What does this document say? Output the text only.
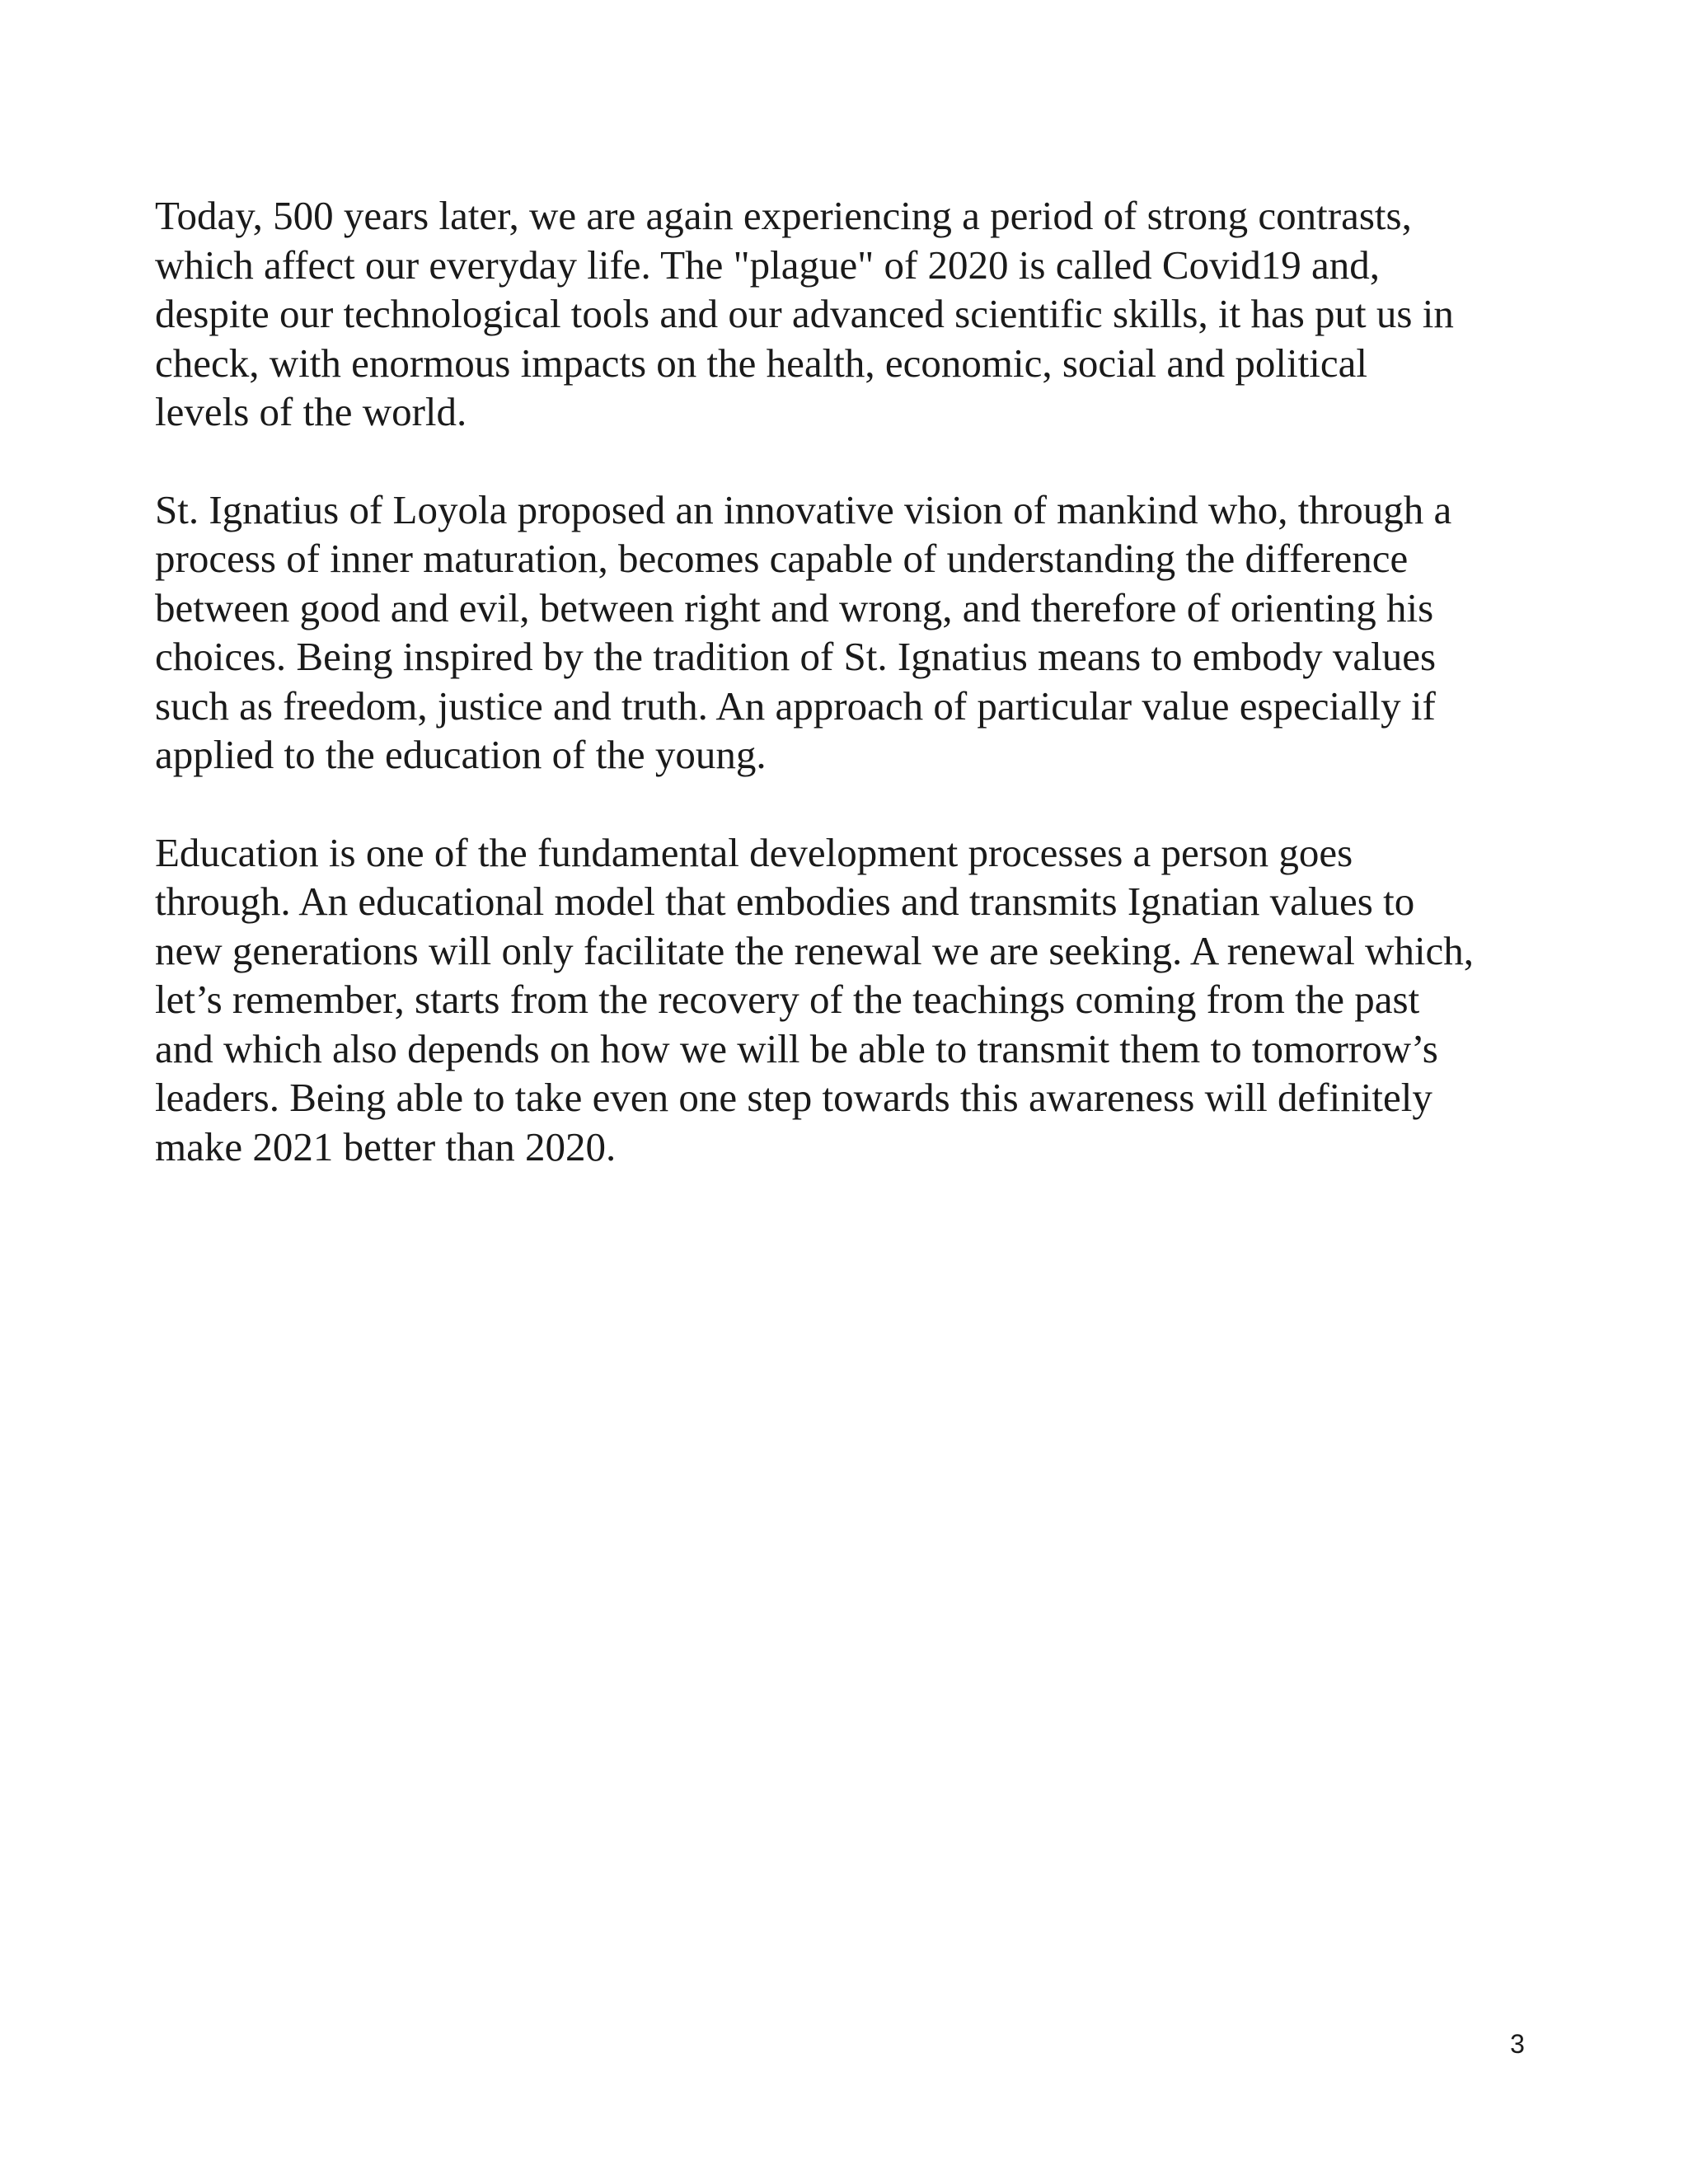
Today, 500 years later, we are again experiencing a period of strong contrasts,
which affect our everyday life. The "plague" of 2020 is called Covid19 and,
despite our technological tools and our advanced scientific skills, it has put us in
check, with enormous impacts on the health, economic, social and political
levels of the world.

St. Ignatius of Loyola proposed an innovative vision of mankind who, through a
process of inner maturation, becomes capable of understanding the difference
between good and evil, between right and wrong, and therefore of orienting his
choices. Being inspired by the tradition of St. Ignatius means to embody values
such as freedom, justice and truth. An approach of particular value especially if
applied to the education of the young.

Education is one of the fundamental development processes a person goes
through. An educational model that embodies and transmits Ignatian values to
new generations will only facilitate the renewal we are seeking. A renewal which,
let’s remember, starts from the recovery of the teachings coming from the past
and which also depends on how we will be able to transmit them to tomorrow’s
leaders. Being able to take even one step towards this awareness will definitely
make 2021 better than 2020.

3
